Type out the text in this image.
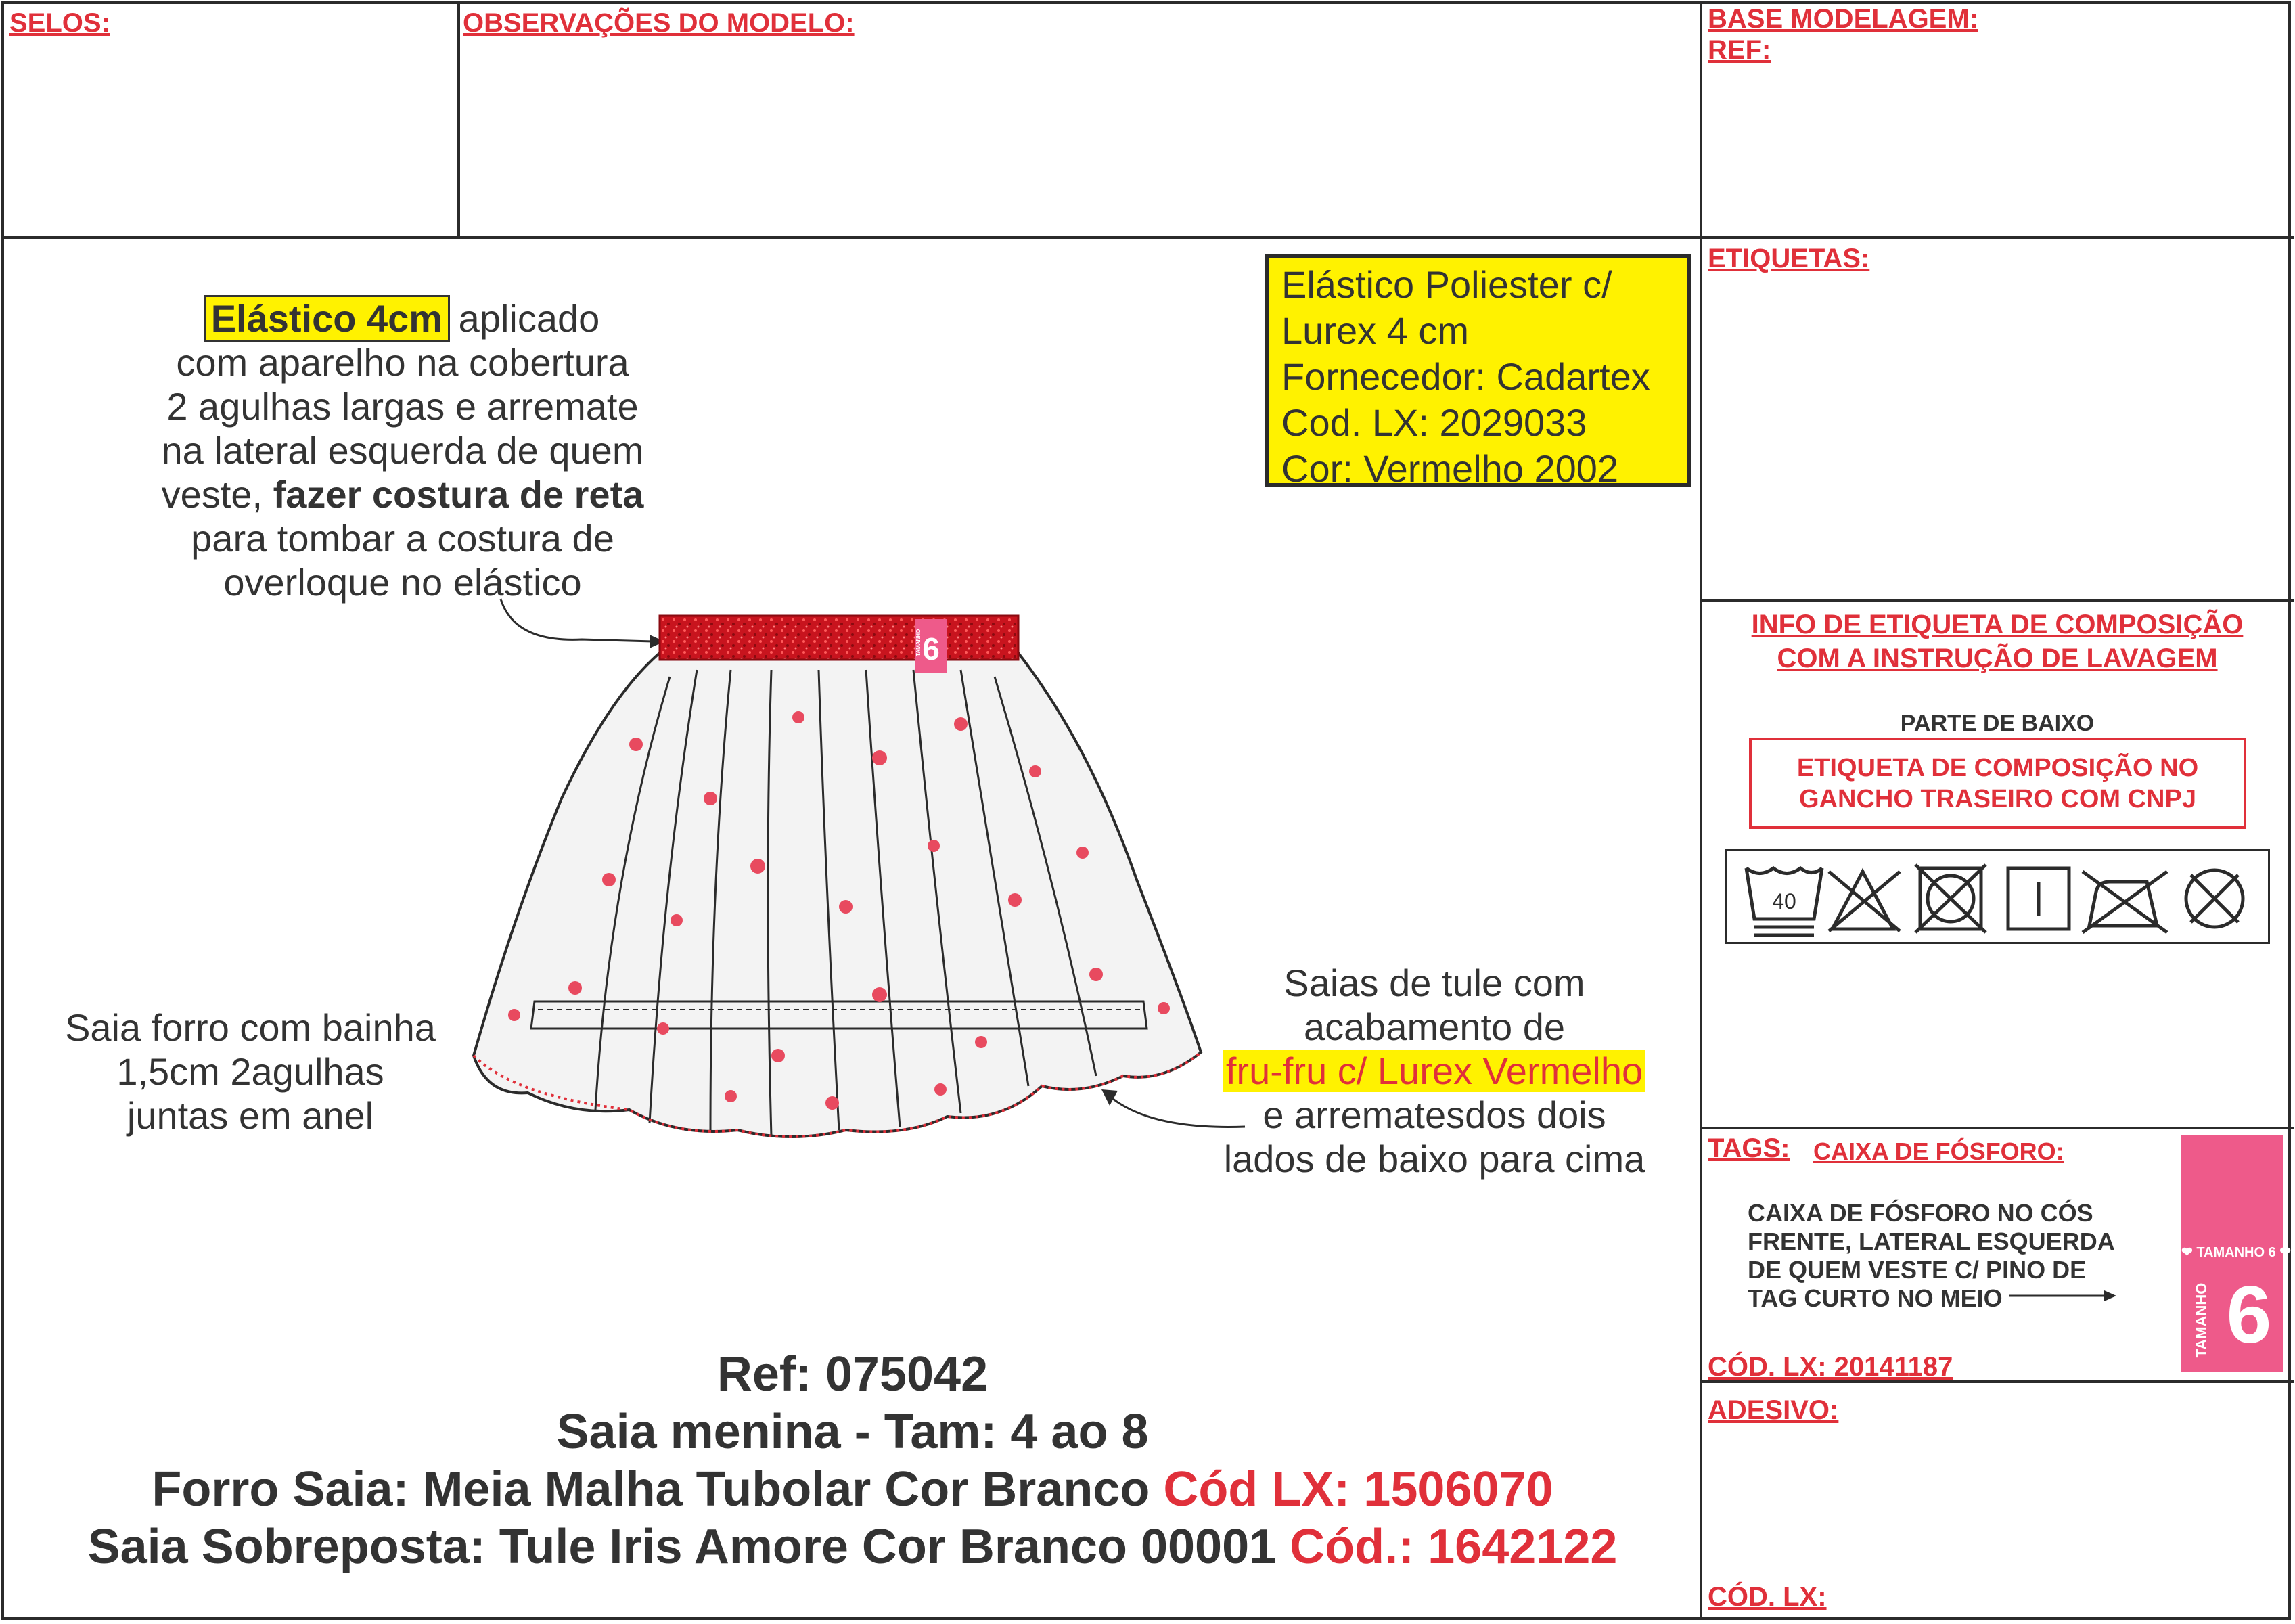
SELOS:	OBSERVAÇÕES DO MODELO:	BASE MODELAGEM:
REF:
ETIQUETAS:
INFO DE ETIQUETA DE COMPOSIÇÃO
COM A INSTRUÇÃO DE LAVAGEM
PARTE DE BAIXO
ETIQUETA DE COMPOSIÇÃO NO
GANCHO TRASEIRO COM CNPJ
40
TAGS: CAIXA DE FÓSFORO:
CAIXA DE FÓSFORO NO CÓS
FRENTE, LATERAL ESQUERDA
DE QUEM VESTE C/ PINO DE
TAG CURTO NO MEIO
❤ TAMANHO 6 ❤
TAMANHO 6
CÓD. LX: 20141187
ADESIVO:
CÓD. LX:
Elástico 4cm aplicado
com aparelho na cobertura
2 agulhas largas e arremate
na lateral esquerda de quem
veste, fazer costura de reta
para tombar a costura de
overloque no elástico
Elástico Poliester c/
Lurex 4 cm
Fornecedor: Cadartex
Cod. LX: 2029033
Cor: Vermelho 2002
Saia forro com bainha
1,5cm 2agulhas
juntas em anel
Saias de tule com
acabamento de
fru-fru c/ Lurex Vermelho
e arrematesdos dois
lados de baixo para cima
6
TAMANHO
Ref: 075042
Saia menina - Tam: 4 ao 8
Forro Saia: Meia Malha Tubolar Cor Branco Cód LX: 1506070
Saia Sobreposta: Tule Iris Amore Cor Branco 00001 Cód.: 1642122
